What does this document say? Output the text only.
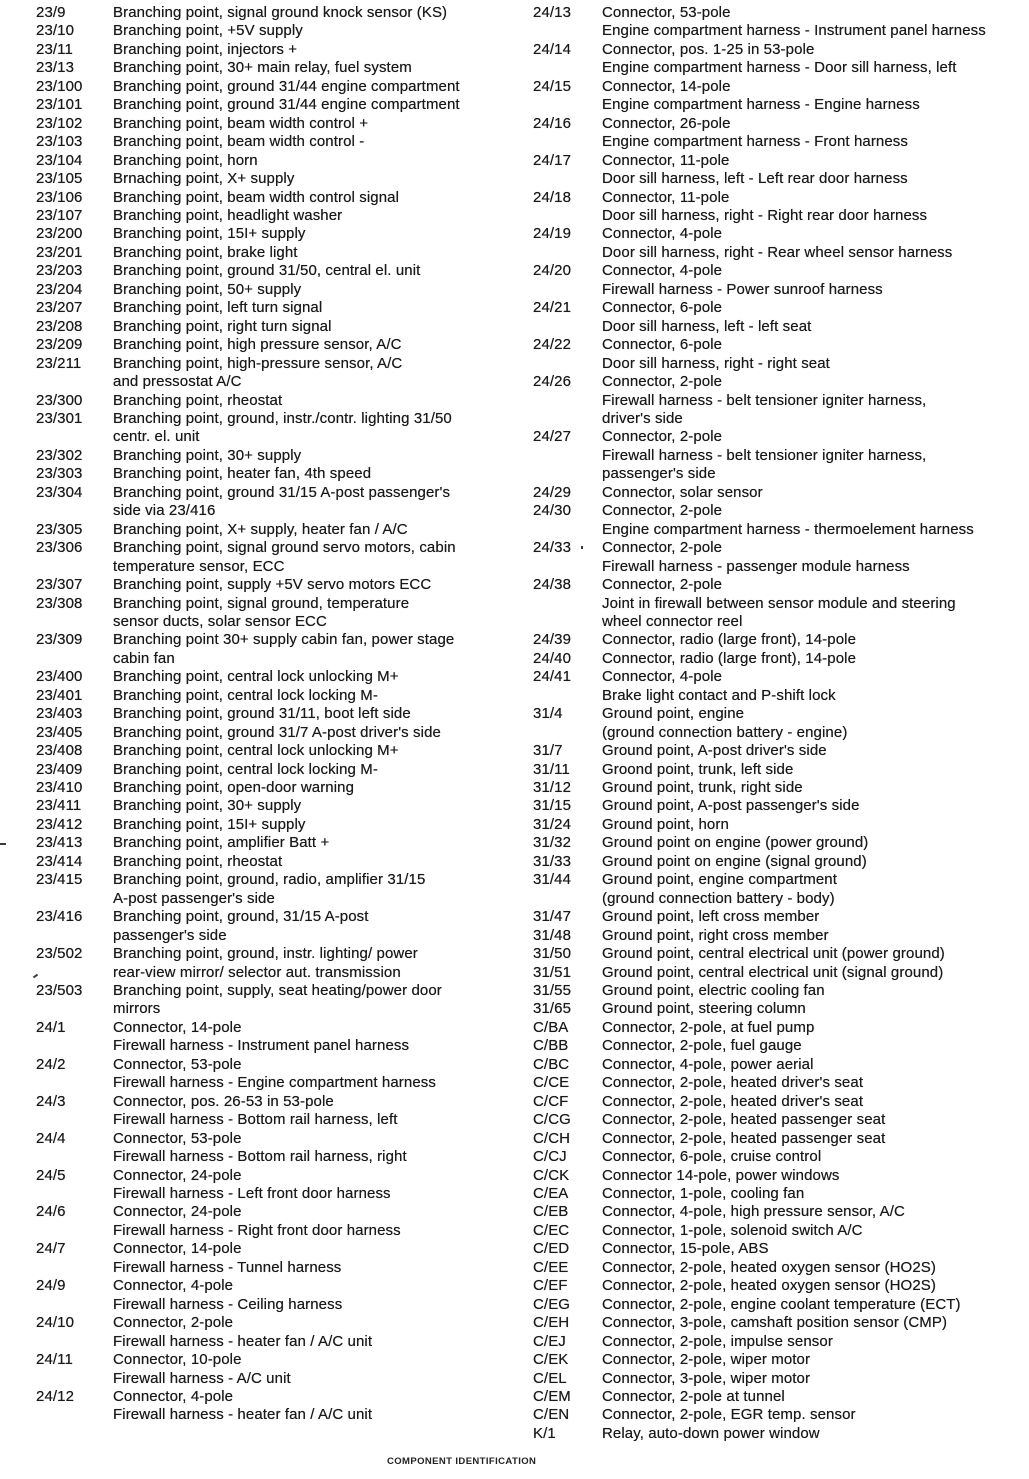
23/9	Branching point, signal ground knock sensor (KS)
23/10	Branching point, +5V supply
23/11	Branching point, injectors +
23/13	Branching point, 30+ main relay, fuel system
23/100	Branching point, ground 31/44 engine compartment
23/101	Branching point, ground 31/44 engine compartment
23/102	Branching point, beam width control +
23/103	Branching point, beam width control -
23/104	Branching point, horn
23/105	Brnaching point, X+ supply
23/106	Branching point, beam width control signal
23/107	Branching point, headlight washer
23/200	Branching point, 15I+ supply
23/201	Branching point, brake light
23/203	Branching point, ground 31/50, central el. unit
23/204	Branching point, 50+ supply
23/207	Branching point, left turn signal
23/208	Branching point, right turn signal
23/209	Branching point, high pressure sensor, A/C
23/211	Branching point, high-pressure sensor, A/C
and pressostat A/C
23/300	Branching point, rheostat
23/301	Branching point, ground, instr./contr. lighting 31/50
centr. el. unit
23/302	Branching point, 30+ supply
23/303	Branching point, heater fan, 4th speed
23/304	Branching point, ground 31/15 A-post passenger's
side via 23/416
23/305	Branching point, X+ supply, heater fan / A/C
23/306	Branching point, signal ground servo motors, cabin
temperature sensor, ECC
23/307	Branching point, supply +5V servo motors ECC
23/308	Branching point, signal ground, temperature
sensor ducts, solar sensor ECC
23/309	Branching point 30+ supply cabin fan, power stage
cabin fan
23/400	Branching point, central lock unlocking M+
23/401	Branching point, central lock locking M-
23/403	Branching point, ground 31/11, boot left side
23/405	Branching point, ground 31/7 A-post driver's side
23/408	Branching point, central lock unlocking M+
23/409	Branching point, central lock locking M-
23/410	Branching point, open-door warning
23/411	Branching point, 30+ supply
23/412	Branching point, 15I+ supply
23/413	Branching point, amplifier Batt +
23/414	Branching point, rheostat
23/415	Branching point, ground, radio, amplifier 31/15
A-post passenger's side
23/416	Branching point, ground, 31/15 A-post
passenger's side
23/502	Branching point, ground, instr. lighting/ power
rear-view mirror/ selector aut. transmission
23/503	Branching point, supply, seat heating/power door
mirrors
24/1	Connector, 14-pole
Firewall harness - Instrument panel harness
24/2	Connector, 53-pole
Firewall harness - Engine compartment harness
24/3	Connector, pos. 26-53 in 53-pole
Firewall harness - Bottom rail harness, left
24/4	Connector, 53-pole
Firewall harness - Bottom rail harness, right
24/5	Connector, 24-pole
Firewall harness - Left front door harness
24/6	Connector, 24-pole
Firewall harness - Right front door harness
24/7	Connector, 14-pole
Firewall harness - Tunnel harness
24/9	Connector, 4-pole
Firewall harness - Ceiling harness
24/10	Connector, 2-pole
Firewall harness - heater fan / A/C unit
24/11	Connector, 10-pole
Firewall harness - A/C unit
24/12	Connector, 4-pole
Firewall harness - heater fan / A/C unit
24/13	Connector, 53-pole
Engine compartment harness - Instrument panel harness
24/14	Connector, pos. 1-25 in 53-pole
Engine compartment harness - Door sill harness, left
24/15	Connector, 14-pole
Engine compartment harness - Engine harness
24/16	Connector, 26-pole
Engine compartment harness - Front harness
24/17	Connector, 11-pole
Door sill harness, left - Left rear door harness
24/18	Connector, 11-pole
Door sill harness, right - Right rear door harness
24/19	Connector, 4-pole
Door sill harness, right - Rear wheel sensor harness
24/20	Connector, 4-pole
Firewall harness - Power sunroof harness
24/21	Connector, 6-pole
Door sill harness, left - left seat
24/22	Connector, 6-pole
Door sill harness, right - right seat
24/26	Connector, 2-pole
Firewall harness - belt tensioner igniter harness,
driver's side
24/27	Connector, 2-pole
Firewall harness - belt tensioner igniter harness,
passenger's side
24/29	Connector, solar sensor
24/30	Connector, 2-pole
Engine compartment harness - thermoelement harness
24/33	Connector, 2-pole
Firewall harness - passenger module harness
24/38	Connector, 2-pole
Joint in firewall between sensor module and steering
wheel connector reel
24/39	Connector, radio (large front), 14-pole
24/40	Connector, radio (large front), 14-pole
24/41	Connector, 4-pole
Brake light contact and P-shift lock
31/4	Ground point, engine
(ground connection battery - engine)
31/7	Ground point, A-post driver's side
31/11	Groond point, trunk, left side
31/12	Ground point, trunk, right side
31/15	Ground point, A-post passenger's side
31/24	Ground point, horn
31/32	Ground point on engine (power ground)
31/33	Ground point on engine (signal ground)
31/44	Ground point, engine compartment
(ground connection battery - body)
31/47	Ground point, left cross member
31/48	Ground point, right cross member
31/50	Ground point, central electrical unit (power ground)
31/51	Ground point, central electrical unit (signal ground)
31/55	Ground point, electric cooling fan
31/65	Ground point, steering column
C/BA	Connector, 2-pole, at fuel pump
C/BB	Connector, 2-pole, fuel gauge
C/BC	Connector, 4-pole, power aerial
C/CE	Connector, 2-pole, heated driver's seat
C/CF	Connector, 2-pole, heated driver's seat
C/CG	Connector, 2-pole, heated passenger seat
C/CH	Connector, 2-pole, heated passenger seat
C/CJ	Connector, 6-pole, cruise control
C/CK	Connector 14-pole, power windows
C/EA	Connector, 1-pole, cooling fan
C/EB	Connector, 4-pole, high pressure sensor, A/C
C/EC	Connector, 1-pole, solenoid switch A/C
C/ED	Connector, 15-pole, ABS
C/EE	Connector, 2-pole, heated oxygen sensor (HO2S)
C/EF	Connector, 2-pole, heated oxygen sensor (HO2S)
C/EG	Connector, 2-pole, engine coolant temperature (ECT)
C/EH	Connector, 3-pole, camshaft position sensor (CMP)
C/EJ	Connector, 2-pole, impulse sensor
C/EK	Connector, 2-pole, wiper motor
C/EL	Connector, 3-pole, wiper motor
C/EM	Connector, 2-pole at tunnel
C/EN	Connector, 2-pole, EGR temp. sensor
K/1	Relay, auto-down power window
COMPONENT IDENTIFICATION
